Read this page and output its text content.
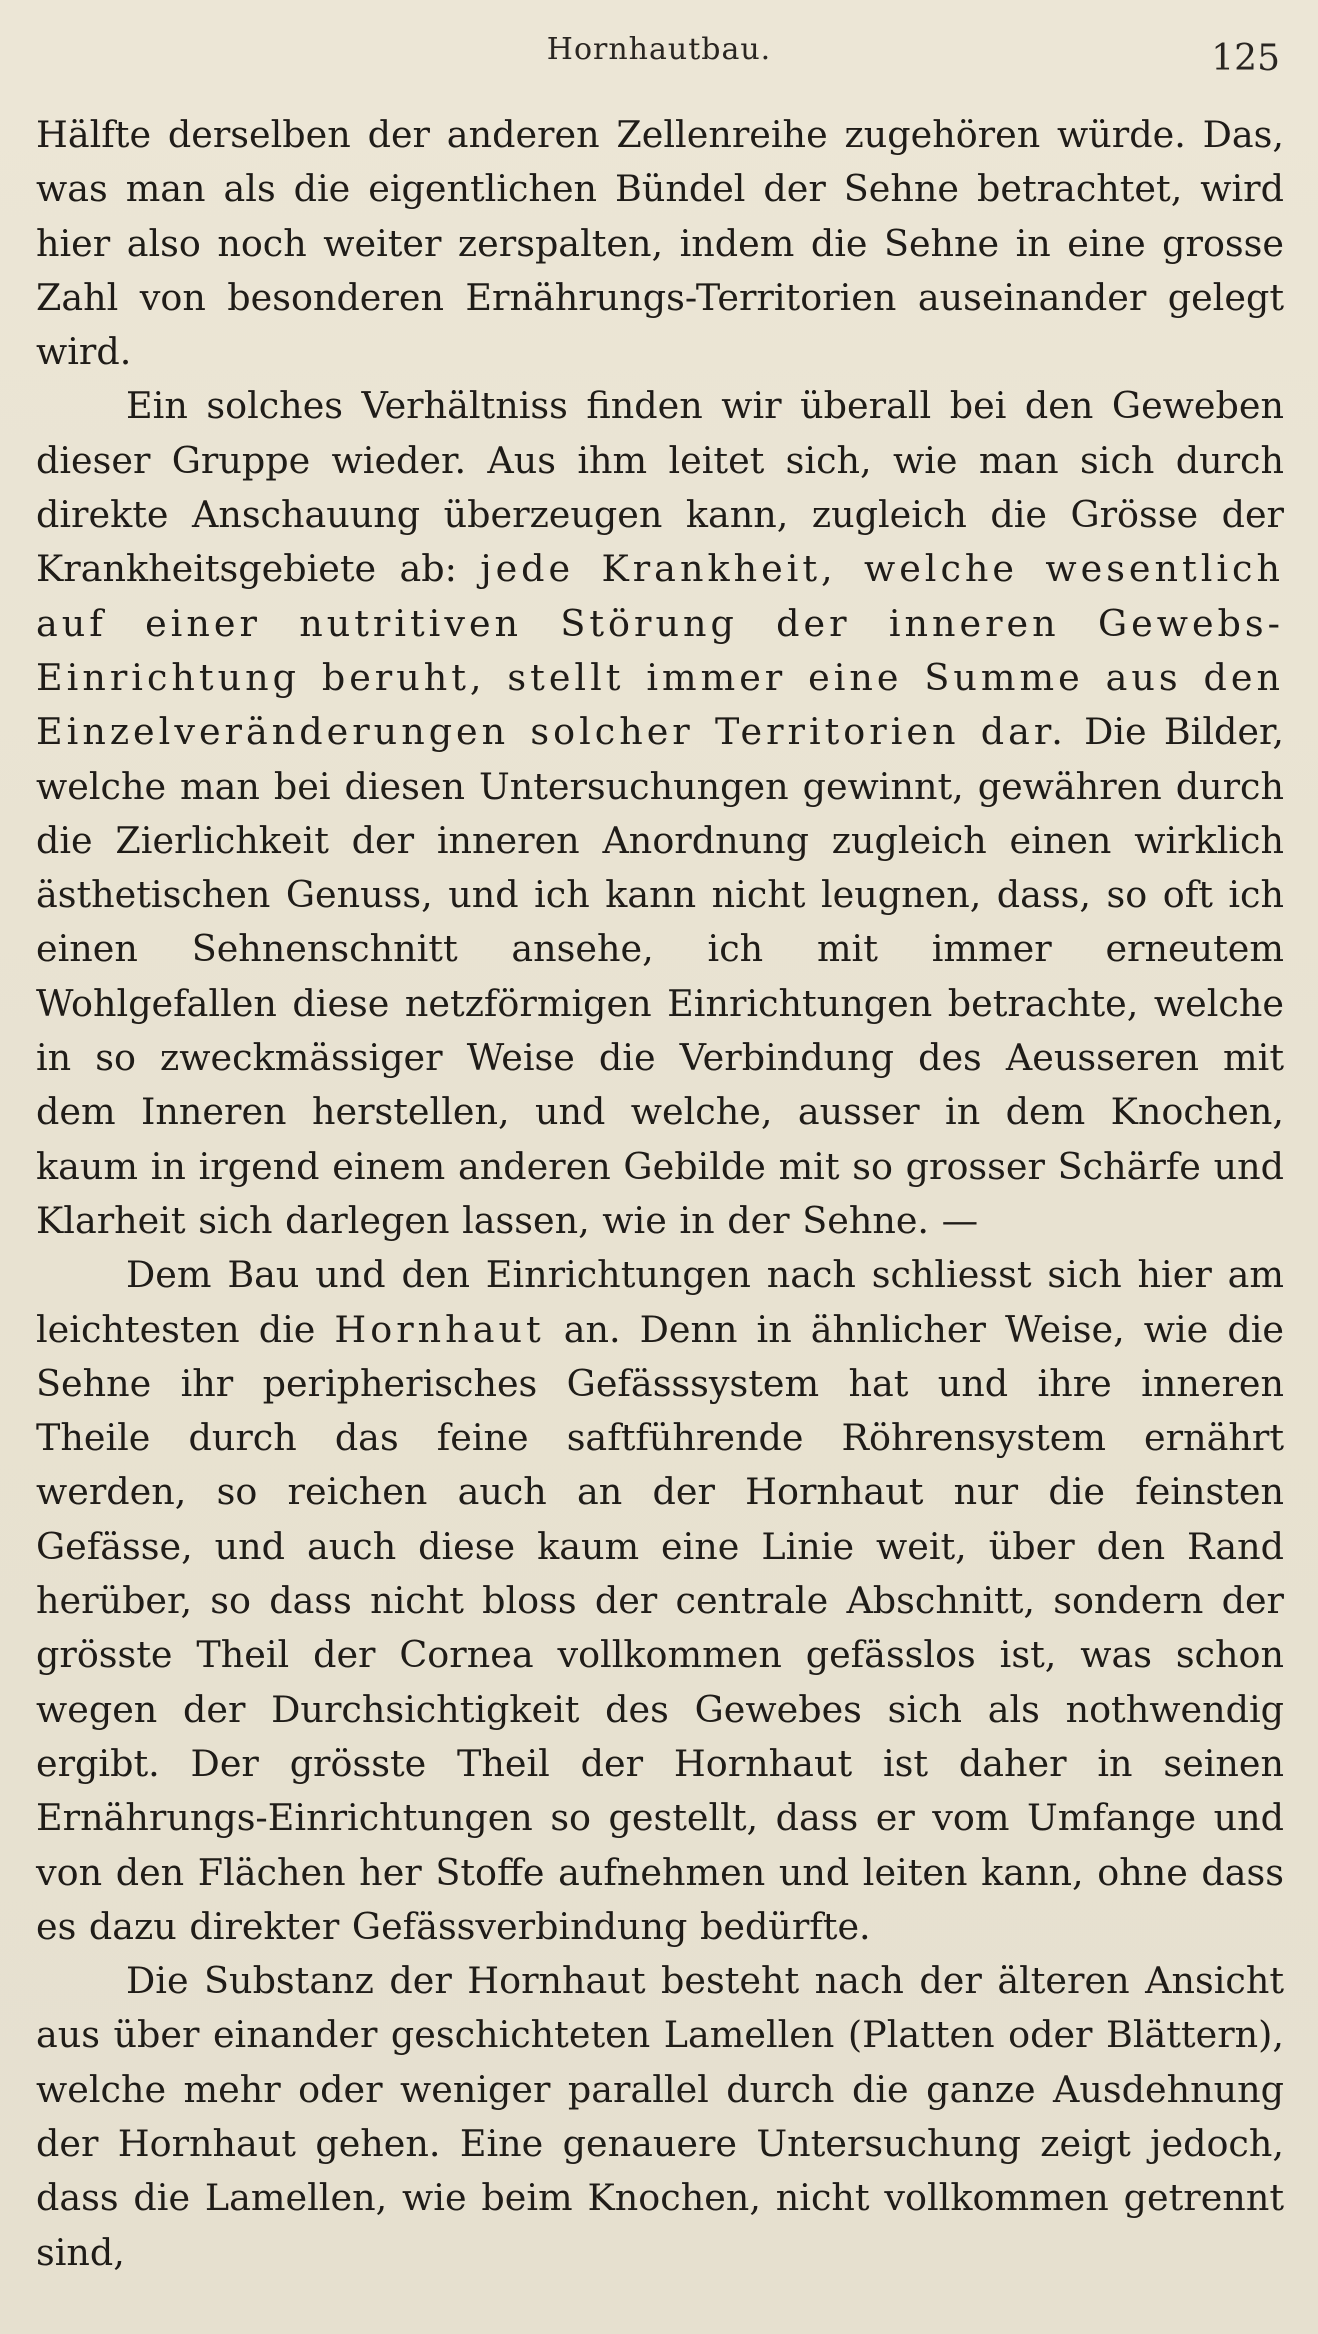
Hornhautbau.	125

Hälfte derselben der anderen Zellenreihe zugehören würde. Das, was man als die eigentlichen Bündel der Sehne betrachtet, wird hier also noch weiter zerspalten, indem die Sehne in eine grosse Zahl von besonderen Ernährungs-Territorien auseinander gelegt wird.

Ein solches Verhältniss finden wir überall bei den Geweben dieser Gruppe wieder. Aus ihm leitet sich, wie man sich durch direkte Anschauung überzeugen kann, zugleich die Grösse der Krankheitsgebiete ab: jede Krankheit, welche wesentlich auf einer nutritiven Störung der inneren Gewebs-Einrichtung beruht, stellt immer eine Summe aus den Einzelveränderungen solcher Territorien dar. Die Bilder, welche man bei diesen Untersuchungen gewinnt, gewähren durch die Zierlichkeit der inneren Anordnung zugleich einen wirklich ästhetischen Genuss, und ich kann nicht leugnen, dass, so oft ich einen Sehnenschnitt ansehe, ich mit immer erneutem Wohlgefallen diese netzförmigen Einrichtungen betrachte, welche in so zweckmässiger Weise die Verbindung des Aeusseren mit dem Inneren herstellen, und welche, ausser in dem Knochen, kaum in irgend einem anderen Gebilde mit so grosser Schärfe und Klarheit sich darlegen lassen, wie in der Sehne. —

Dem Bau und den Einrichtungen nach schliesst sich hier am leichtesten die Hornhaut an. Denn in ähnlicher Weise, wie die Sehne ihr peripherisches Gefässsystem hat und ihre inneren Theile durch das feine saftführende Röhrensystem ernährt werden, so reichen auch an der Hornhaut nur die feinsten Gefässe, und auch diese kaum eine Linie weit, über den Rand herüber, so dass nicht bloss der centrale Abschnitt, sondern der grösste Theil der Cornea vollkommen gefässlos ist, was schon wegen der Durchsichtigkeit des Gewebes sich als nothwendig ergibt. Der grösste Theil der Hornhaut ist daher in seinen Ernährungs-Einrichtungen so gestellt, dass er vom Umfange und von den Flächen her Stoffe aufnehmen und leiten kann, ohne dass es dazu direkter Gefässverbindung bedürfte.

Die Substanz der Hornhaut besteht nach der älteren Ansicht aus über einander geschichteten Lamellen (Platten oder Blättern), welche mehr oder weniger parallel durch die ganze Ausdehnung der Hornhaut gehen. Eine genauere Untersuchung zeigt jedoch, dass die Lamellen, wie beim Knochen, nicht vollkommen getrennt sind,
